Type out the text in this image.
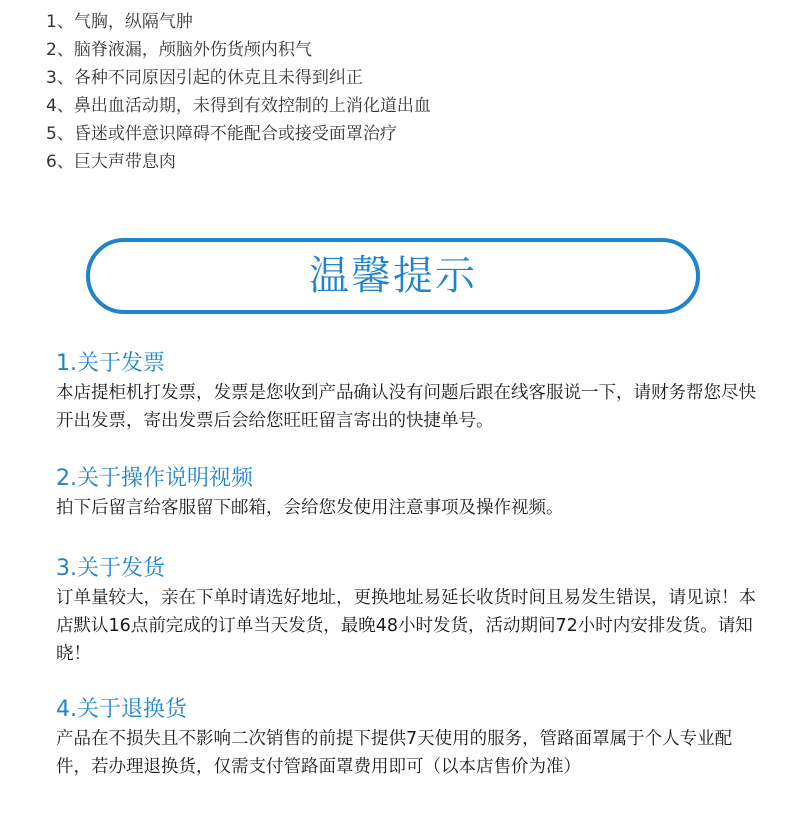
1、气胸，纵隔气肿
2、脑脊液漏，颅脑外伤货颅内积气
3、各种不同原因引起的休克且未得到纠正
4、鼻出血活动期，未得到有效控制的上消化道出血
5、昏迷或伴意识障碍不能配合或接受面罩治疗
6、巨大声带息肉
温馨提示
1.关于发票

本店提柜机打发票，发票是您收到产品确认没有问题后跟在线客服说一下，请财务帮您尽快开出发票，寄出发票后会给您旺旺留言寄出的快捷单号。

2.关于操作说明视频

拍下后留言给客服留下邮箱，会给您发使用注意事项及操作视频。

3.关于发货

订单量较大，亲在下单时请选好地址，更换地址易延长收货时间且易发生错误，请见谅！本店默认16点前完成的订单当天发货，最晚48小时发货，活动期间72小时内安排发货。请知晓！

4.关于退换货

产品在不损失且不影响二次销售的前提下提供7天使用的服务，管路面罩属于个人专业配件，若办理退换货，仅需支付管路面罩费用即可（以本店售价为准）
